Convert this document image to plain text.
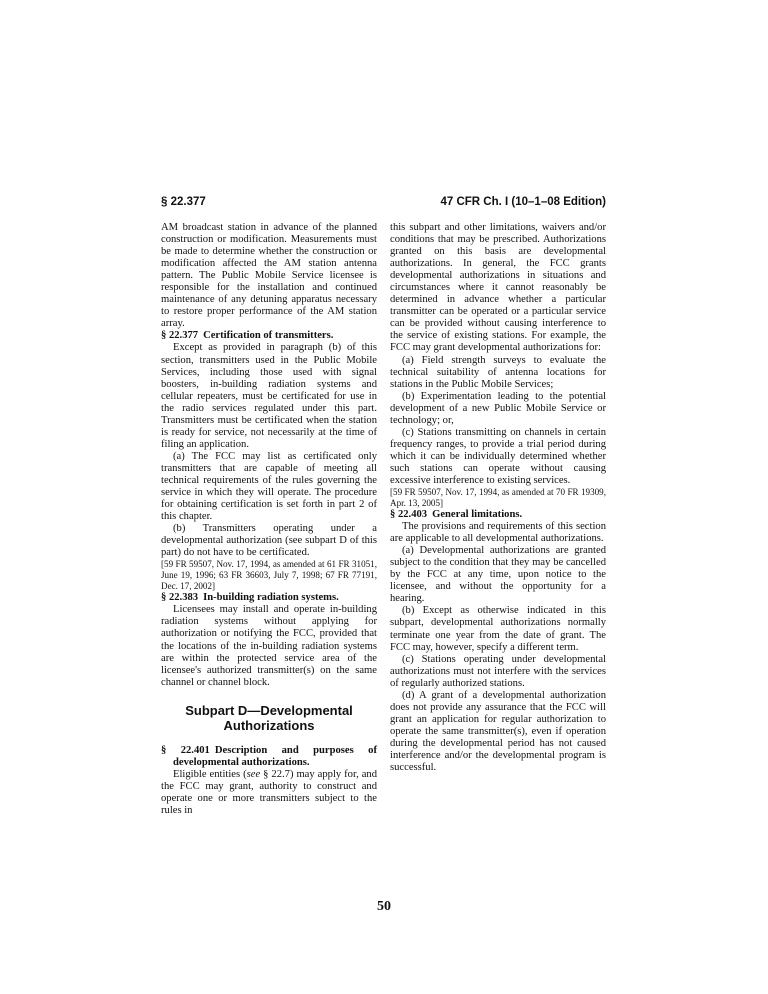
§ 22.377	47 CFR Ch. I (10–1–08 Edition)

AM broadcast station in advance of the planned construction or modification. Measurements must be made to determine whether the construction or modification affected the AM station antenna pattern. The Public Mobile Service licensee is responsible for the installation and continued maintenance of any detuning apparatus necessary to restore proper performance of the AM station array.

§ 22.377 Certification of transmitters.

Except as provided in paragraph (b) of this section, transmitters used in the Public Mobile Services, including those used with signal boosters, in-building radiation systems and cellular repeaters, must be certificated for use in the radio services regulated under this part. Transmitters must be certificated when the station is ready for service, not necessarily at the time of filing an application.

(a) The FCC may list as certificated only transmitters that are capable of meeting all technical requirements of the rules governing the service in which they will operate. The procedure for obtaining certification is set forth in part 2 of this chapter.

(b) Transmitters operating under a developmental authorization (see subpart D of this part) do not have to be certificated.

[59 FR 59507, Nov. 17, 1994, as amended at 61 FR 31051, June 19, 1996; 63 FR 36603, July 7, 1998; 67 FR 77191, Dec. 17, 2002]

§ 22.383 In-building radiation systems.

Licensees may install and operate in-building radiation systems without applying for authorization or notifying the FCC, provided that the locations of the in-building radiation systems are within the protected service area of the licensee's authorized transmitter(s) on the same channel or channel block.

Subpart D—Developmental Authorizations

§ 22.401 Description and purposes of developmental authorizations.

Eligible entities (see § 22.7) may apply for, and the FCC may grant, authority to construct and operate one or more transmitters subject to the rules in

this subpart and other limitations, waivers and/or conditions that may be prescribed. Authorizations granted on this basis are developmental authorizations. In general, the FCC grants developmental authorizations in situations and circumstances where it cannot reasonably be determined in advance whether a particular transmitter can be operated or a particular service can be provided without causing interference to the service of existing stations. For example, the FCC may grant developmental authorizations for:

(a) Field strength surveys to evaluate the technical suitability of antenna locations for stations in the Public Mobile Services;

(b) Experimentation leading to the potential development of a new Public Mobile Service or technology; or,

(c) Stations transmitting on channels in certain frequency ranges, to provide a trial period during which it can be individually determined whether such stations can operate without causing excessive interference to existing services.

[59 FR 59507, Nov. 17, 1994, as amended at 70 FR 19309, Apr. 13, 2005]

§ 22.403 General limitations.

The provisions and requirements of this section are applicable to all developmental authorizations.

(a) Developmental authorizations are granted subject to the condition that they may be cancelled by the FCC at any time, upon notice to the licensee, and without the opportunity for a hearing.

(b) Except as otherwise indicated in this subpart, developmental authorizations normally terminate one year from the date of grant. The FCC may, however, specify a different term.

(c) Stations operating under developmental authorizations must not interfere with the services of regularly authorized stations.

(d) A grant of a developmental authorization does not provide any assurance that the FCC will grant an application for regular authorization to operate the same transmitter(s), even if operation during the developmental period has not caused interference and/or the developmental program is successful.

50
